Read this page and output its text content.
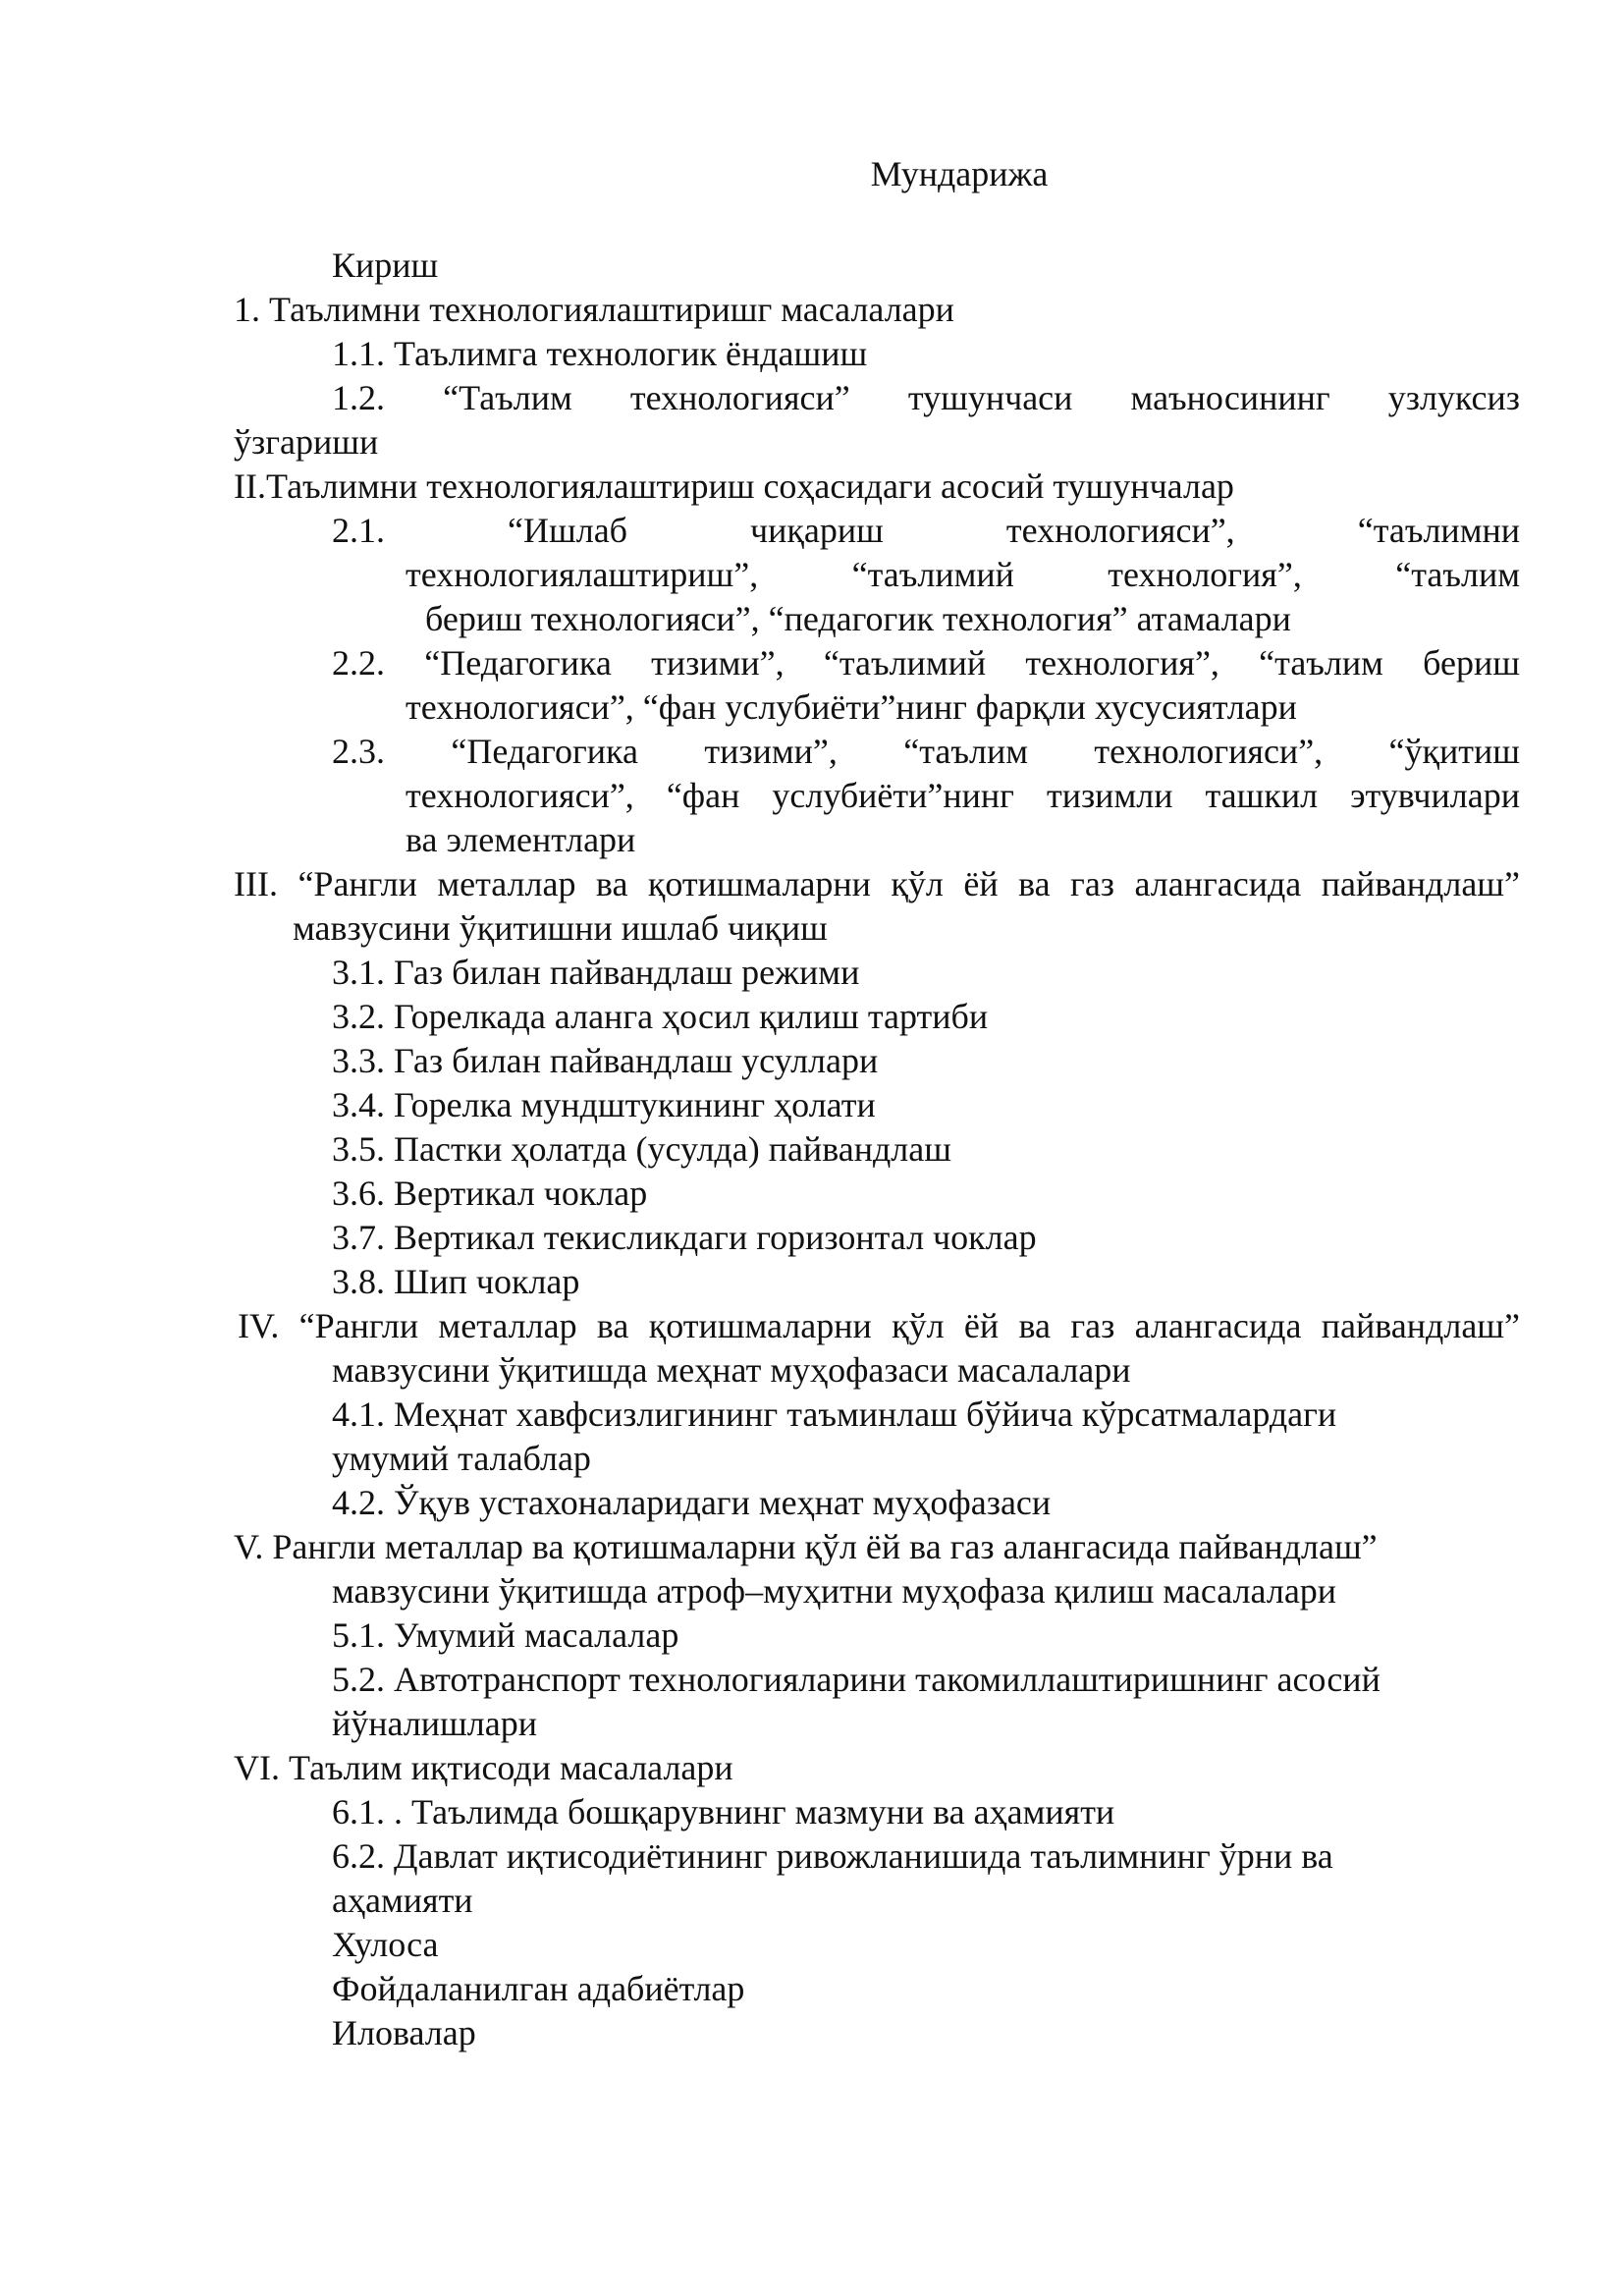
Мундарижа
Кириш
1. Таълимни технологиялаштиришг масалалари
1.1. Таълимга технологик ёндашиш
1.2. “Таълим технологияси” тушунчаси маъносининг узлуксиз
ўзгариши
II.Таълимни технологиялаштириш соҳасидаги асосий тушунчалар
2.1. “Ишлаб чиқариш технологияси”, “таълимни
технологиялаштириш”, “таълимий технология”, “таълим
бериш технологияси”, “педагогик технология” атамалари
2.2. “Педагогика тизими”, “таълимий технология”, “таълим бериш
технологияси”, “фан услубиёти”нинг фарқли хусусиятлари
2.3. “Педагогика тизими”, “таълим технологияси”, “ўқитиш
технологияси”, “фан услубиёти”нинг тизимли ташкил этувчилари
ва элементлари
III. “Рангли металлар ва қотишмаларни қўл ёй ва газ алангасида пайвандлаш”
мавзусини ўқитишни ишлаб чиқиш
3.1. Газ билан пайвандлаш режими
3.2. Горелкада аланга ҳосил қилиш тартиби
3.3. Газ билан пайвандлаш усуллари
3.4. Горелка мундштукининг ҳолати
3.5. Пастки ҳолатда (усулда) пайвандлаш
3.6. Вертикал чоклар
3.7. Вертикал текисликдаги горизонтал чоклар
3.8. Шип чоклар
IV. “Рангли металлар ва қотишмаларни қўл ёй ва газ алангасида пайвандлаш”
мавзусини ўқитишда меҳнат муҳофазаси масалалари
4.1. Меҳнат хавфсизлигининг таъминлаш бўйича кўрсатмалардаги
умумий талаблар
4.2. Ўқув устахоналаридаги меҳнат муҳофазаси
V. Рангли металлар ва қотишмаларни қўл ёй ва газ алангасида пайвандлаш”
мавзусини ўқитишда атроф–муҳитни муҳофаза қилиш масалалари
5.1. Умумий масалалар
5.2. Автотранспорт технологияларини такомиллаштиришнинг асосий
йўналишлари
VI. Таълим иқтисоди масалалари
6.1. . Таълимда бошқарувнинг мазмуни ва аҳамияти
6.2. Давлат иқтисодиётининг ривожланишида таълимнинг ўрни ва
аҳамияти
Хулоса
Фойдаланилган адабиётлар
Иловалар
